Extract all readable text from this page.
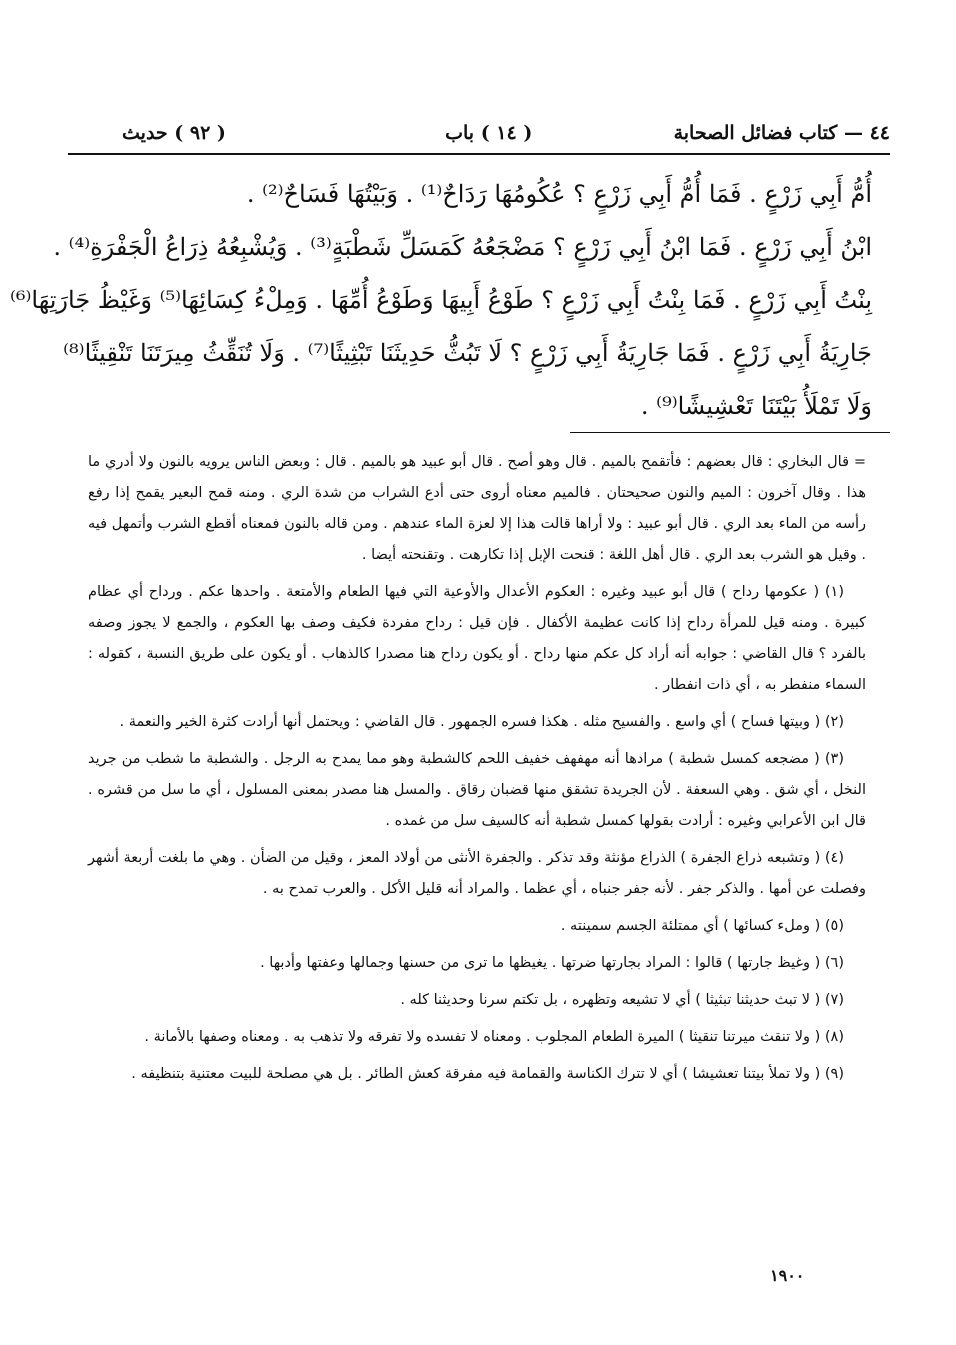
٤٤ — كتاب فضائل الصحابة
( ١٤ ) باب
( ٩٢ ) حديث
أُمُّ أَبِي زَرْعٍ . فَمَا أُمُّ أَبِي زَرْعٍ ؟ عُكُومُهَا رَدَاحٌ⁽¹⁾ . وَبَيْتُهَا فَسَاحٌ⁽²⁾ .
ابْنُ أَبِي زَرْعٍ . فَمَا ابْنُ أَبِي زَرْعٍ ؟ مَضْجَعُهُ كَمَسَلِّ شَطْبَةٍ⁽³⁾ . وَيُشْبِعُهُ ذِرَاعُ الْجَفْرَةِ⁽⁴⁾ .
بِنْتُ أَبِي زَرْعٍ . فَمَا بِنْتُ أَبِي زَرْعٍ ؟ طَوْعُ أَبِيهَا وَطَوْعُ أُمِّهَا . وَمِلْءُ كِسَائِهَا⁽⁵⁾ وَغَيْظُ جَارَتِهَا⁽⁶⁾
جَارِيَةُ أَبِي زَرْعٍ . فَمَا جَارِيَةُ أَبِي زَرْعٍ ؟ لَا تَبُثُّ حَدِيثَنَا تَبْثِيثًا⁽⁷⁾ . وَلَا تُنَقِّثُ مِيرَتَنَا تَنْقِيثًا⁽⁸⁾
وَلَا تَمْلَأُ بَيْتَنَا تَعْشِيشًا⁽⁹⁾ .

= قال البخاري : قال بعضهم : فأتقمح بالميم . قال وهو أصح . قال أبو عبيد هو بالميم . قال : وبعض الناس يرويه بالنون ولا أدري ما هذا . وقال آخرون : الميم والنون صحيحتان . فالميم معناه أروى حتى أدع الشراب من شدة الري . ومنه قمح البعير يقمح إذا رفع رأسه من الماء بعد الري . قال أبو عبيد : ولا أراها قالت هذا إلا لعزة الماء عندهم . ومن قاله بالنون فمعناه أقطع الشرب وأتمهل فيه . وقيل هو الشرب بعد الري . قال أهل اللغة : قنحت الإبل إذا تكارهت . وتقنحته أيضا .

(١) ( عكومها رداح ) قال أبو عبيد وغيره : العكوم الأعدال والأوعية التي فيها الطعام والأمتعة . واحدها عكم . ورداح أي عظام كبيرة . ومنه قيل للمرأة رداح إذا كانت عظيمة الأكفال . فإن قيل : رداح مفردة فكيف وصف بها العكوم ، والجمع لا يجوز وصفه بالفرد ؟ قال القاضي : جوابه أنه أراد كل عكم منها رداح . أو يكون رداح هنا مصدرا كالذهاب . أو يكون على طريق النسبة ، كقوله : السماء منفطر به ، أي ذات انفطار .

(٢) ( وبيتها فساح ) أي واسع . والفسيح مثله . هكذا فسره الجمهور . قال القاضي : ويحتمل أنها أرادت كثرة الخير والنعمة .

(٣) ( مضجعه كمسل شطبة ) مرادها أنه مهفهف خفيف اللحم كالشطبة وهو مما يمدح به الرجل . والشطبة ما شطب من جريد النخل ، أي شق . وهي السعفة . لأن الجريدة تشقق منها قضبان رقاق . والمسل هنا مصدر بمعنى المسلول ، أي ما سل من قشره . قال ابن الأعرابي وغيره : أرادت بقولها كمسل شطبة أنه كالسيف سل من غمده .

(٤) ( وتشبعه ذراع الجفرة ) الذراع مؤنثة وقد تذكر . والجفرة الأنثى من أولاد المعز ، وقيل من الضأن . وهي ما بلغت أربعة أشهر وفصلت عن أمها . والذكر جفر . لأنه جفر جنباه ، أي عظما . والمراد أنه قليل الأكل . والعرب تمدح به .

(٥) ( وملء كسائها ) أي ممتلئة الجسم سمينته .

(٦) ( وغيظ جارتها ) قالوا : المراد بجارتها ضرتها . يغيظها ما ترى من حسنها وجمالها وعفتها وأدبها .

(٧) ( لا تبث حديثنا تبثيثا ) أي لا تشيعه وتظهره ، بل تكتم سرنا وحديثنا كله .

(٨) ( ولا تنقث ميرتنا تنقيثا ) الميرة الطعام المجلوب . ومعناه لا تفسده ولا تفرقه ولا تذهب به . ومعناه وصفها بالأمانة .

(٩) ( ولا تملأ بيتنا تعشيشا ) أي لا تترك الكناسة والقمامة فيه مفرقة كعش الطائر . بل هي مصلحة للبيت معتنية بتنظيفه .

١٩٠٠
